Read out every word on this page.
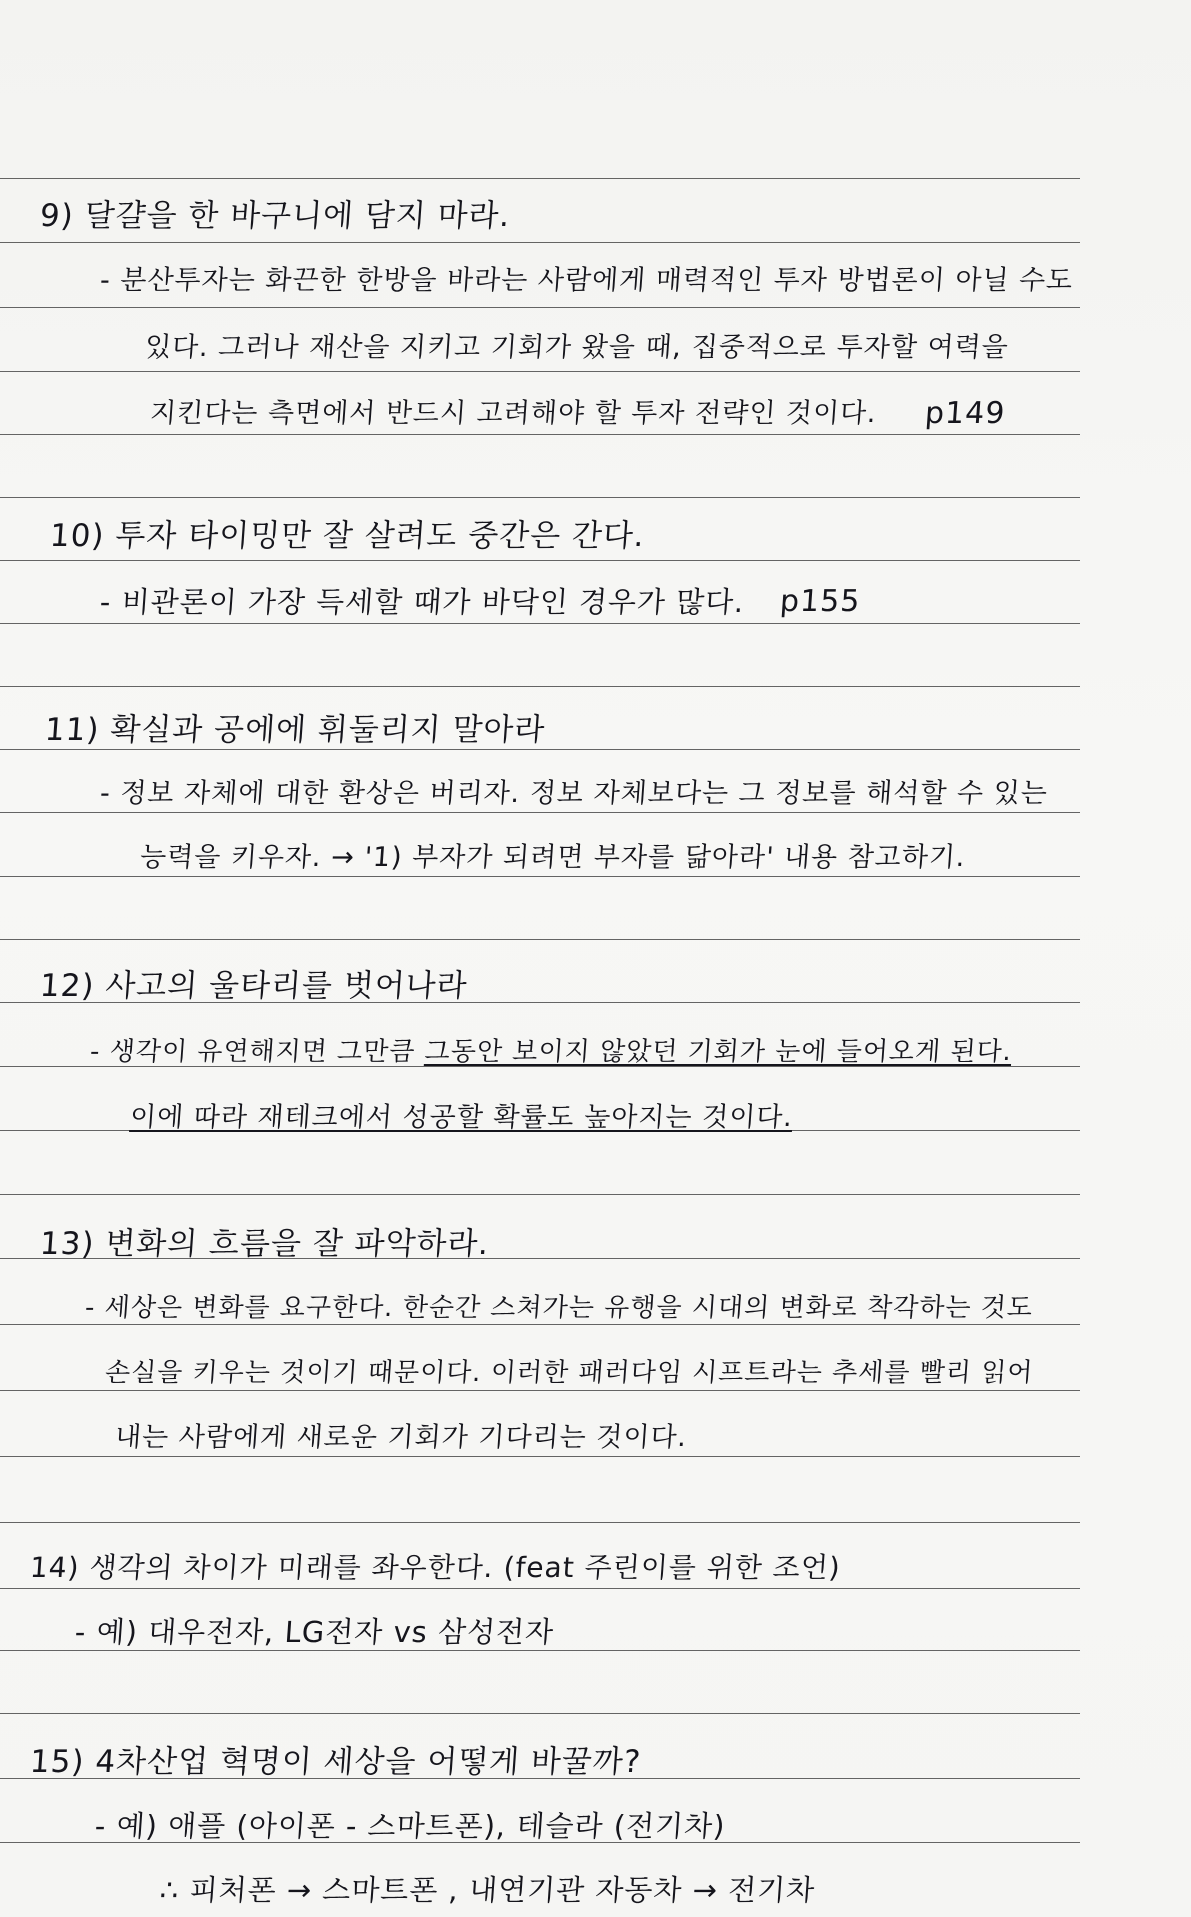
9) 달걀을 한 바구니에 담지 마라.
- 분산투자는 화끈한 한방을 바라는 사람에게 매력적인 투자 방법론이 아닐 수도
있다. 그러나 재산을 지키고 기회가 왔을 때, 집중적으로 투자할 여력을
지킨다는 측면에서 반드시 고려해야 할 투자 전략인 것이다. p149
10) 투자 타이밍만 잘 살려도 중간은 간다.
- 비관론이 가장 득세할 때가 바닥인 경우가 많다. p155
11) 확실과 공에에 휘둘리지 말아라
- 정보 자체에 대한 환상은 버리자. 정보 자체보다는 그 정보를 해석할 수 있는
능력을 키우자. → '1) 부자가 되려면 부자를 닮아라' 내용 참고하기.
12) 사고의 울타리를 벗어나라
- 생각이 유연해지면 그만큼 그동안 보이지 않았던 기회가 눈에 들어오게 된다.
이에 따라 재테크에서 성공할 확률도 높아지는 것이다.
13) 변화의 흐름을 잘 파악하라.
- 세상은 변화를 요구한다. 한순간 스쳐가는 유행을 시대의 변화로 착각하는 것도
손실을 키우는 것이기 때문이다. 이러한 패러다임 시프트라는 추세를 빨리 읽어
내는 사람에게 새로운 기회가 기다리는 것이다.
14) 생각의 차이가 미래를 좌우한다. (feat 주린이를 위한 조언)
- 예) 대우전자, LG전자 vs 삼성전자
15) 4차산업 혁명이 세상을 어떻게 바꿀까?
- 예) 애플 (아이폰 - 스마트폰), 테슬라 (전기차)
∴ 피처폰 → 스마트폰 , 내연기관 자동차 → 전기차
